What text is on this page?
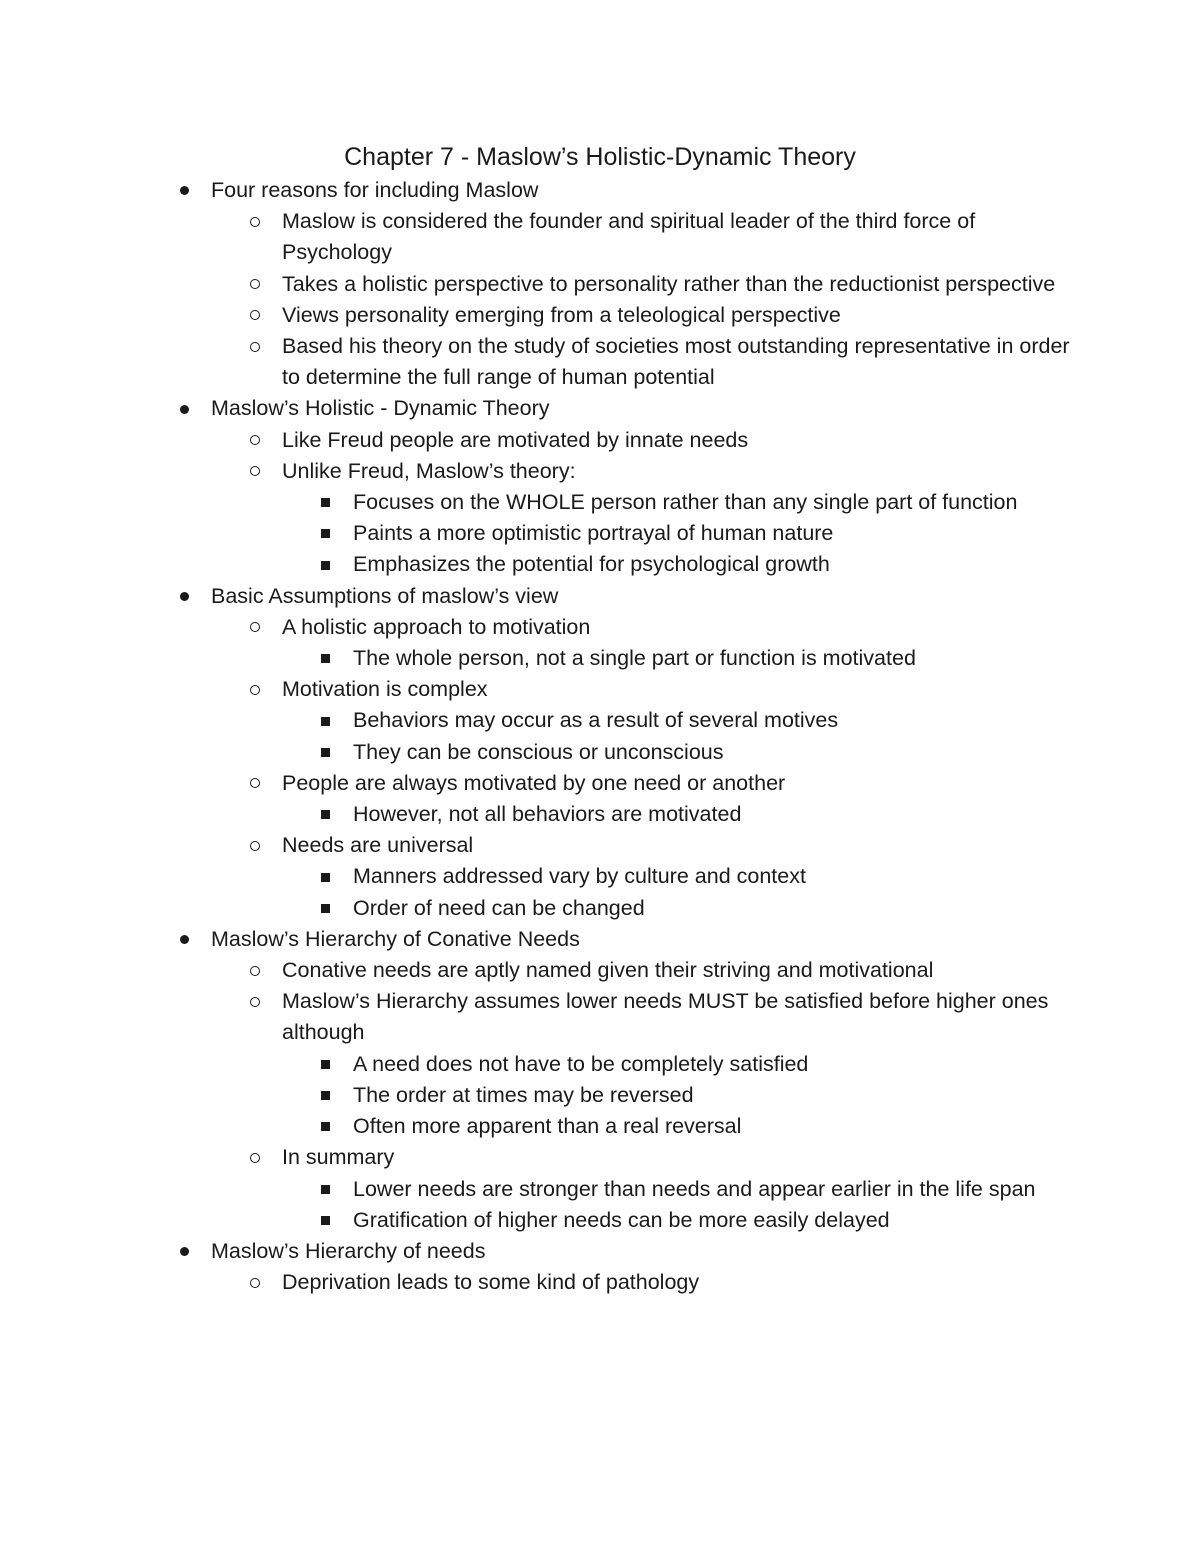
Chapter 7 - Maslow’s Holistic-Dynamic Theory
Four reasons for including Maslow
Maslow is considered the founder and spiritual leader of the third force of Psychology
Takes a holistic perspective to personality rather than the reductionist perspective
Views personality emerging from a teleological perspective
Based his theory on the study of societies most outstanding representative in order to determine the full range of human potential
Maslow’s Holistic - Dynamic Theory
Like Freud people are motivated by innate needs
Unlike Freud, Maslow’s theory:
Focuses on the WHOLE person rather than any single part of function
Paints a more optimistic portrayal of human nature
Emphasizes the potential for psychological growth
Basic Assumptions of maslow’s view
A holistic approach to motivation
The whole person, not a single part or function is motivated
Motivation is complex
Behaviors may occur as a result of several motives
They can be conscious or unconscious
People are always motivated by one need or another
However, not all behaviors are motivated
Needs are universal
Manners addressed vary by culture and context
Order of need can be changed
Maslow’s Hierarchy of Conative Needs
Conative needs are aptly named given their striving and motivational
Maslow’s Hierarchy assumes lower needs MUST be satisfied before higher ones although
A need does not have to be completely satisfied
The order at times may be reversed
Often more apparent than a real reversal
In summary
Lower needs are stronger than needs and appear earlier in the life span
Gratification of higher needs can be more easily delayed
Maslow’s Hierarchy of needs
Deprivation leads to some kind of pathology
